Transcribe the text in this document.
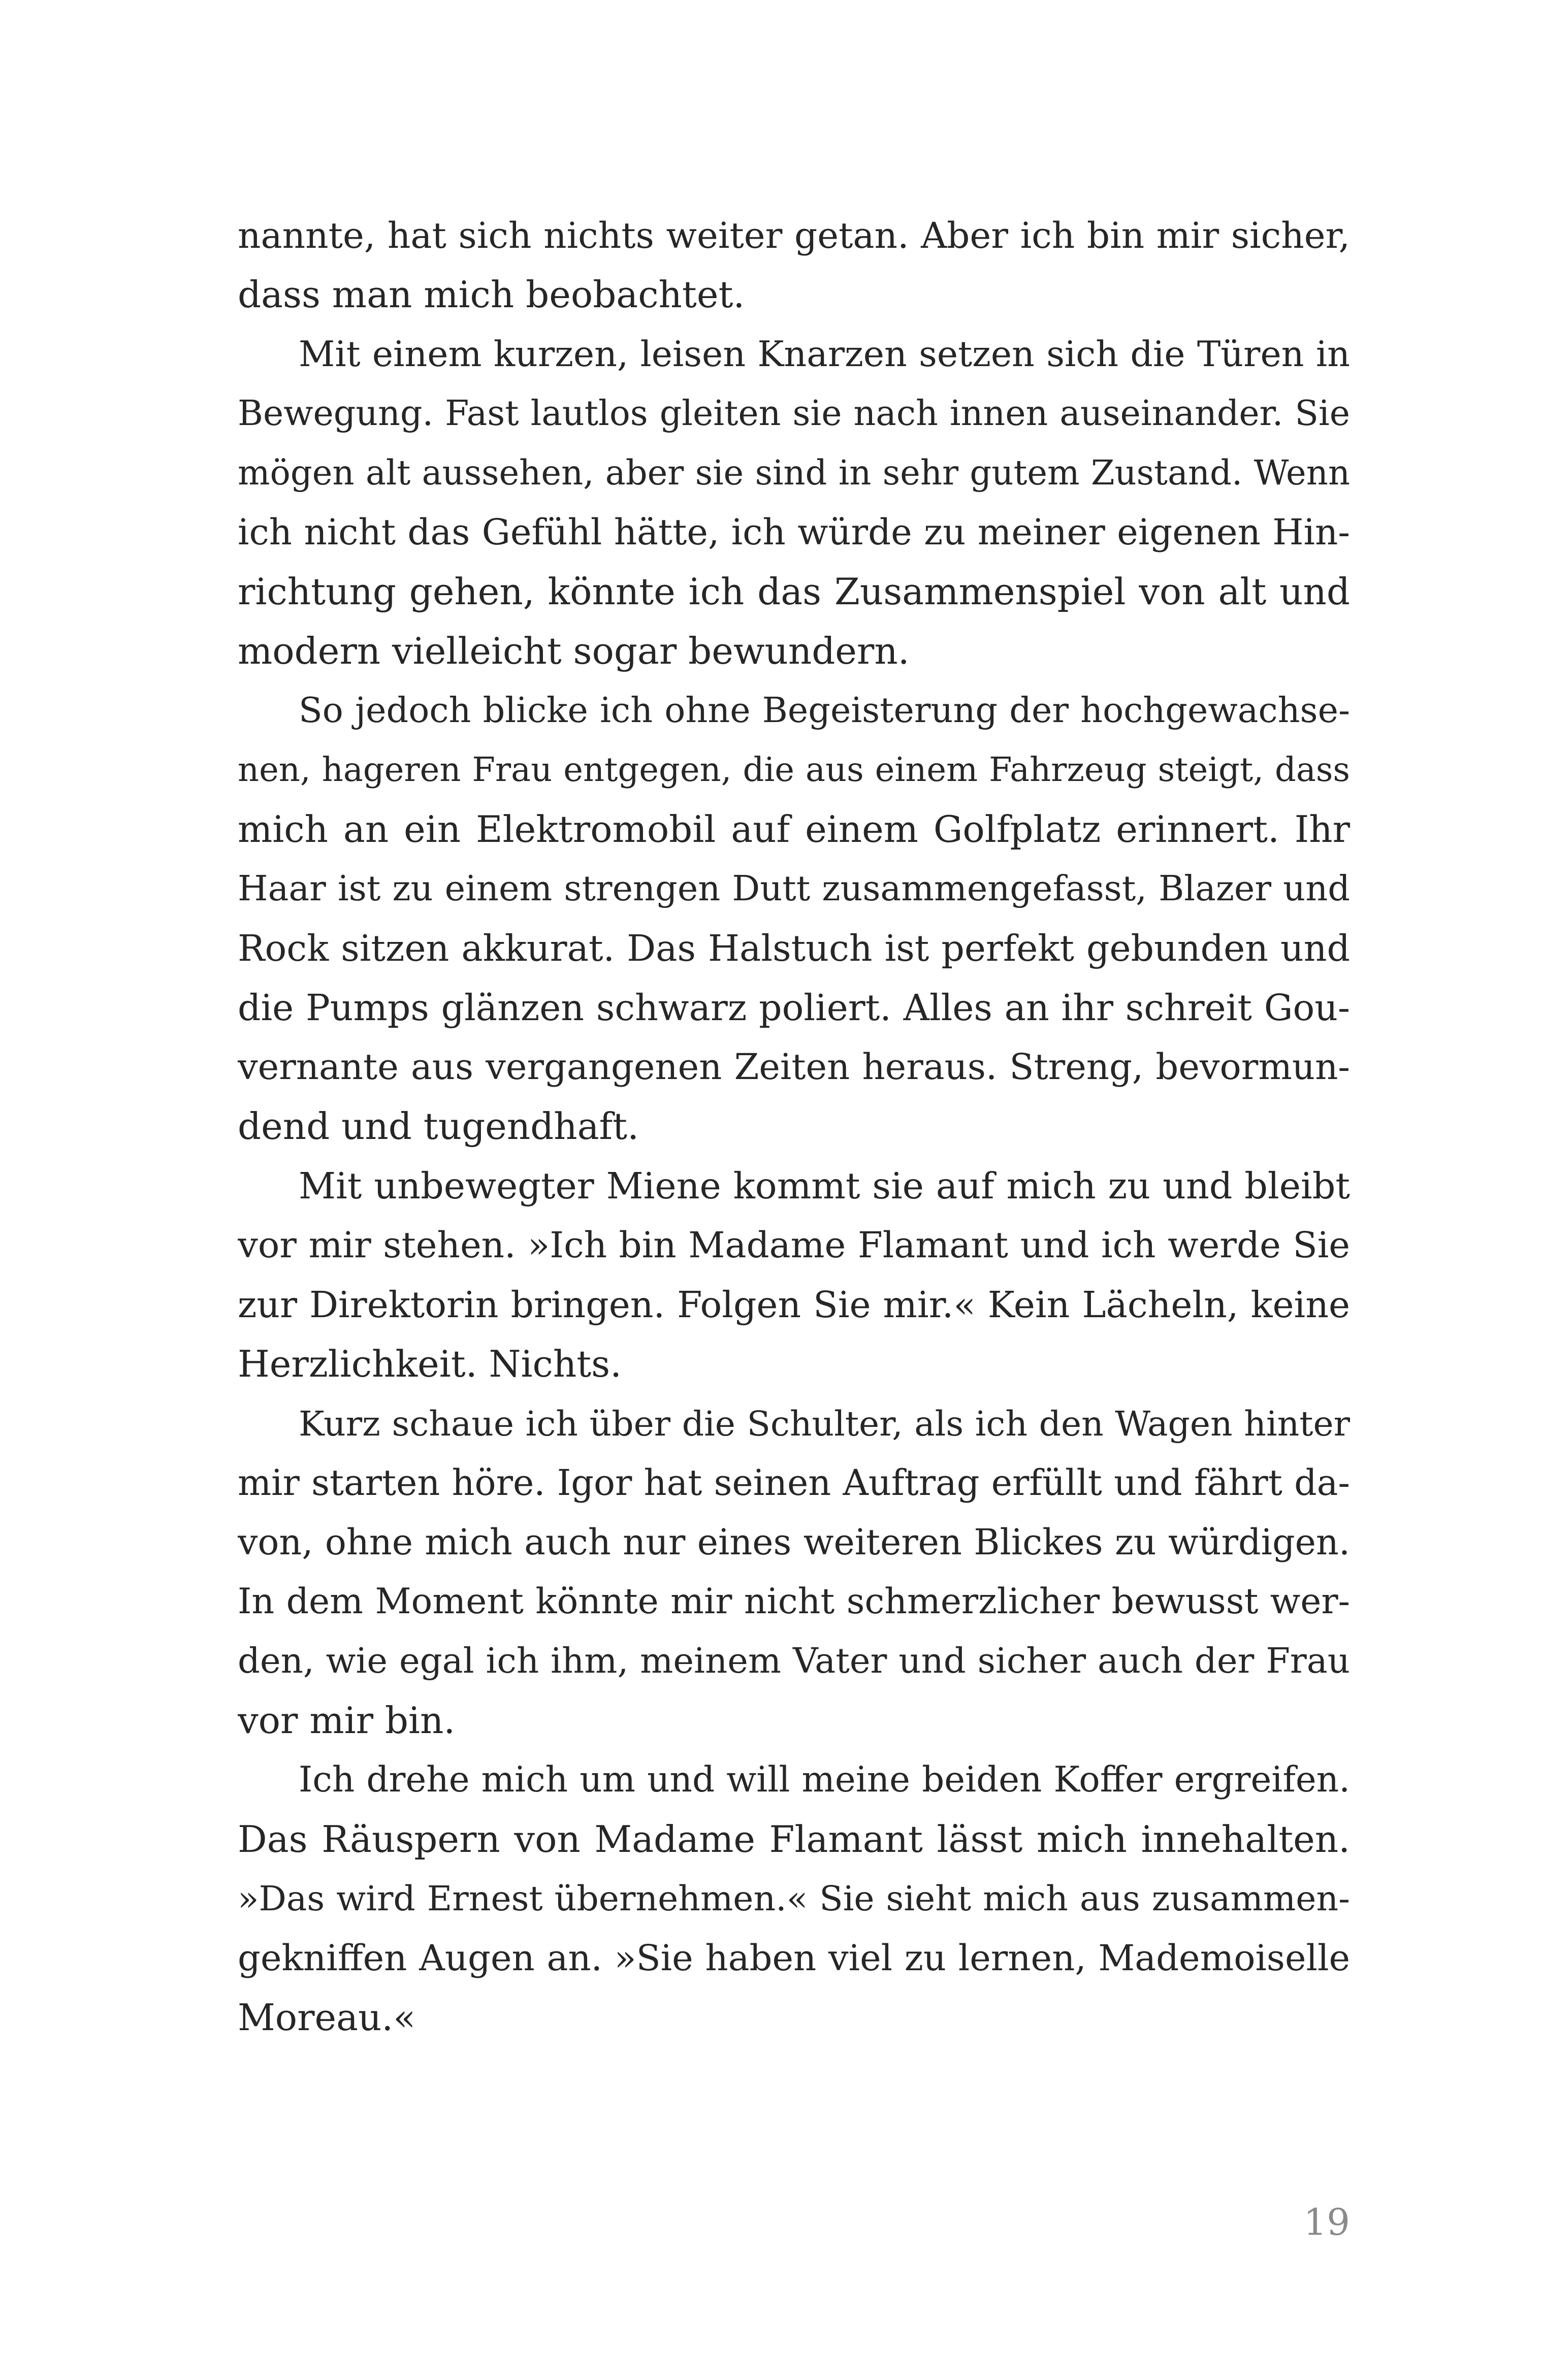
nannte, hat sich nichts weiter getan. Aber ich bin mir sicher,
dass man mich beobachtet.
Mit einem kurzen, leisen Knarzen setzen sich die Türen in
Bewegung. Fast lautlos gleiten sie nach innen auseinander. Sie
mögen alt aussehen, aber sie sind in sehr gutem Zustand. Wenn
ich nicht das Gefühl hätte, ich würde zu meiner eigenen Hin-
richtung gehen, könnte ich das Zusammenspiel von alt und
modern vielleicht sogar bewundern.
So jedoch blicke ich ohne Begeisterung der hochgewachse-
nen, hageren Frau entgegen, die aus einem Fahrzeug steigt, dass
mich an ein Elektromobil auf einem Golfplatz erinnert. Ihr
Haar ist zu einem strengen Dutt zusammengefasst, Blazer und
Rock sitzen akkurat. Das Halstuch ist perfekt gebunden und
die Pumps glänzen schwarz poliert. Alles an ihr schreit Gou-
vernante aus vergangenen Zeiten heraus. Streng, bevormun-
dend und tugendhaft.
Mit unbewegter Miene kommt sie auf mich zu und bleibt
vor mir stehen. »Ich bin Madame Flamant und ich werde Sie
zur Direktorin bringen. Folgen Sie mir.« Kein Lächeln, keine
Herzlichkeit. Nichts.
Kurz schaue ich über die Schulter, als ich den Wagen hinter
mir starten höre. Igor hat seinen Auftrag erfüllt und fährt da-
von, ohne mich auch nur eines weiteren Blickes zu würdigen.
In dem Moment könnte mir nicht schmerzlicher bewusst wer-
den, wie egal ich ihm, meinem Vater und sicher auch der Frau
vor mir bin.
Ich drehe mich um und will meine beiden Koffer ergreifen.
Das Räuspern von Madame Flamant lässt mich innehalten.
»Das wird Ernest übernehmen.« Sie sieht mich aus zusammen-
gekniffen Augen an. »Sie haben viel zu lernen, Mademoiselle
Moreau.«
19
